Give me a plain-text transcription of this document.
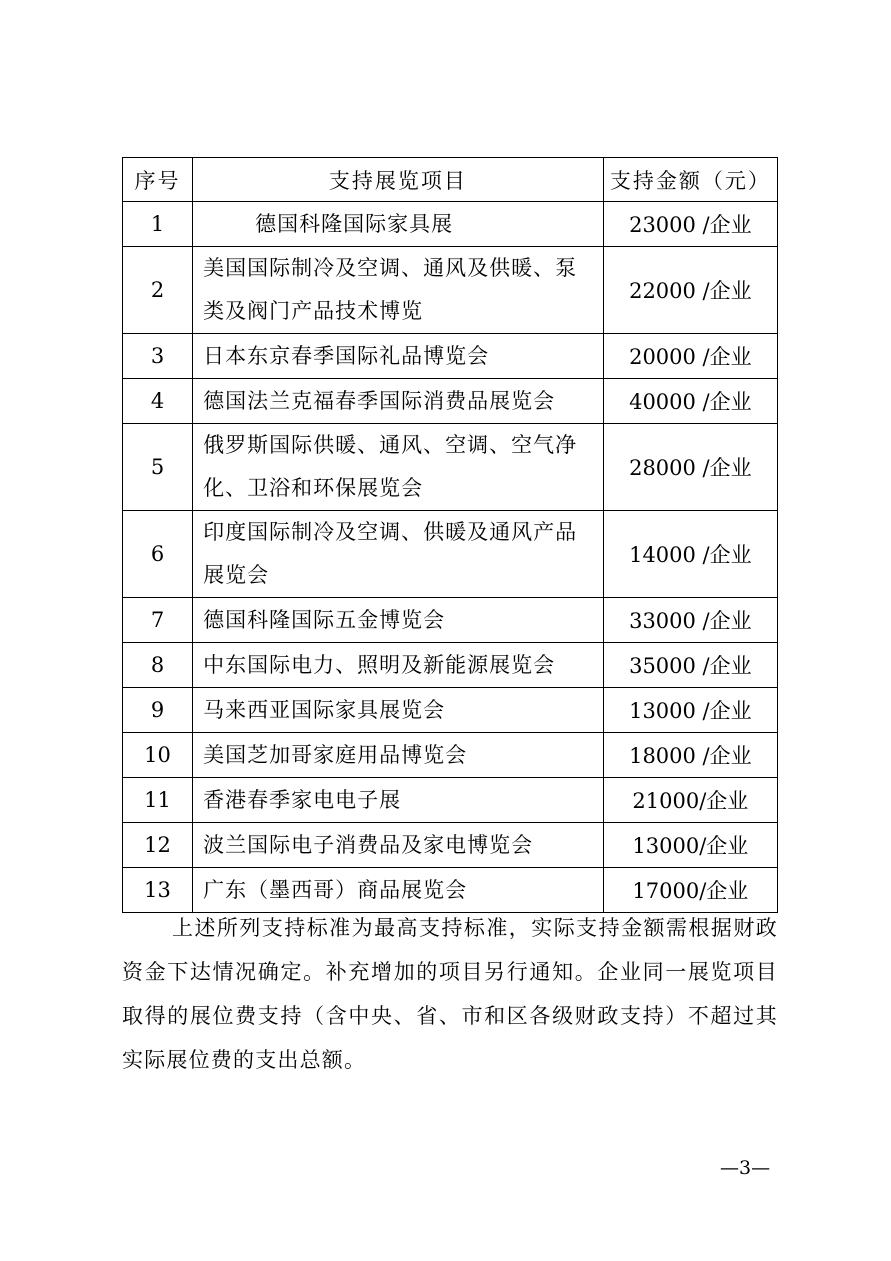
序号	支持展览项目	支持金额（元）
1	德国科隆国际家具展	23000 /企业
2	美国国际制冷及空调、通风及供暖、泵类及阀门产品技术博览	22000 /企业
3	日本东京春季国际礼品博览会	20000 /企业
4	德国法兰克福春季国际消费品展览会	40000 /企业
5	俄罗斯国际供暖、通风、空调、空气净化、卫浴和环保展览会	28000 /企业
6	印度国际制冷及空调、供暖及通风产品展览会	14000 /企业
7	德国科隆国际五金博览会	33000 /企业
8	中东国际电力、照明及新能源展览会	35000 /企业
9	马来西亚国际家具展览会	13000 /企业
10	美国芝加哥家庭用品博览会	18000 /企业
11	香港春季家电电子展	21000/企业
12	波兰国际电子消费品及家电博览会	13000/企业
13	广东（墨西哥）商品展览会	17000/企业

上述所列支持标准为最高支持标准，实际支持金额需根据财政资金下达情况确定。补充增加的项目另行通知。企业同一展览项目取得的展位费支持（含中央、省、市和区各级财政支持）不超过其实际展位费的支出总额。

—3—
